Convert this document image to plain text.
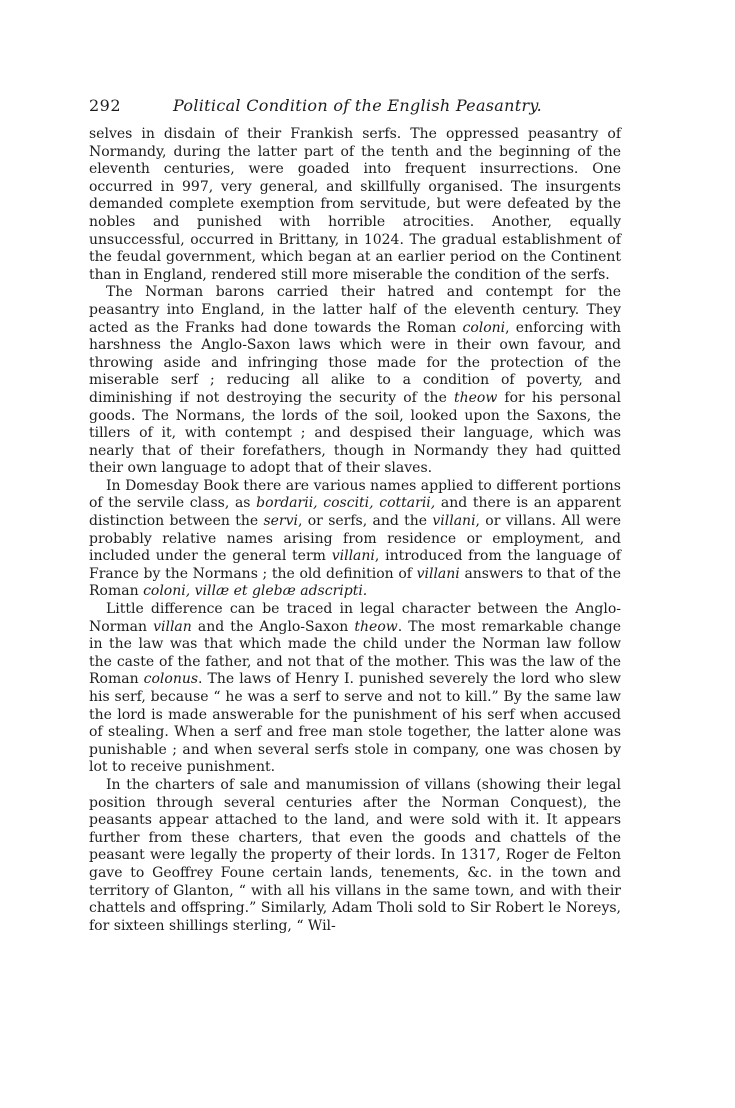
292	Political Condition of the English Peasantry.

selves in disdain of their Frankish serfs. The oppressed peasantry of Normandy, during the latter part of the tenth and the beginning of the eleventh centuries, were goaded into frequent insurrections. One occurred in 997, very general, and skillfully organised. The insurgents demanded complete exemption from servitude, but were defeated by the nobles and punished with horrible atrocities. Another, equally unsuccessful, occurred in Brittany, in 1024. The gradual establishment of the feudal government, which began at an earlier period on the Continent than in England, rendered still more miserable the condition of the serfs.

The Norman barons carried their hatred and contempt for the peasantry into England, in the latter half of the eleventh century. They acted as the Franks had done towards the Roman coloni, enforcing with harshness the Anglo-Saxon laws which were in their own favour, and throwing aside and infringing those made for the protection of the miserable serf ; reducing all alike to a condition of poverty, and diminishing if not destroying the security of the theow for his personal goods. The Normans, the lords of the soil, looked upon the Saxons, the tillers of it, with contempt ; and despised their language, which was nearly that of their forefathers, though in Normandy they had quitted their own language to adopt that of their slaves.

In Domesday Book there are various names applied to different portions of the servile class, as bordarii, cosciti, cottarii, and there is an apparent distinction between the servi, or serfs, and the villani, or villans. All were probably relative names arising from residence or employment, and included under the general term villani, introduced from the language of France by the Normans ; the old definition of villani answers to that of the Roman coloni, villæ et glebæ adscripti.

Little difference can be traced in legal character between the Anglo-Norman villan and the Anglo-Saxon theow. The most remarkable change in the law was that which made the child under the Norman law follow the caste of the father, and not that of the mother. This was the law of the Roman colonus. The laws of Henry I. punished severely the lord who slew his serf, because “ he was a serf to serve and not to kill.” By the same law the lord is made answerable for the punishment of his serf when accused of stealing. When a serf and free man stole together, the latter alone was punishable ; and when several serfs stole in company, one was chosen by lot to receive punishment.

In the charters of sale and manumission of villans (showing their legal position through several centuries after the Norman Conquest), the peasants appear attached to the land, and were sold with it. It appears further from these charters, that even the goods and chattels of the peasant were legally the property of their lords. In 1317, Roger de Felton gave to Geoffrey Foune certain lands, tenements, &c. in the town and territory of Glanton, “ with all his villans in the same town, and with their chattels and offspring.” Similarly, Adam Tholi sold to Sir Robert le Noreys, for sixteen shillings sterling, “ Wil-
